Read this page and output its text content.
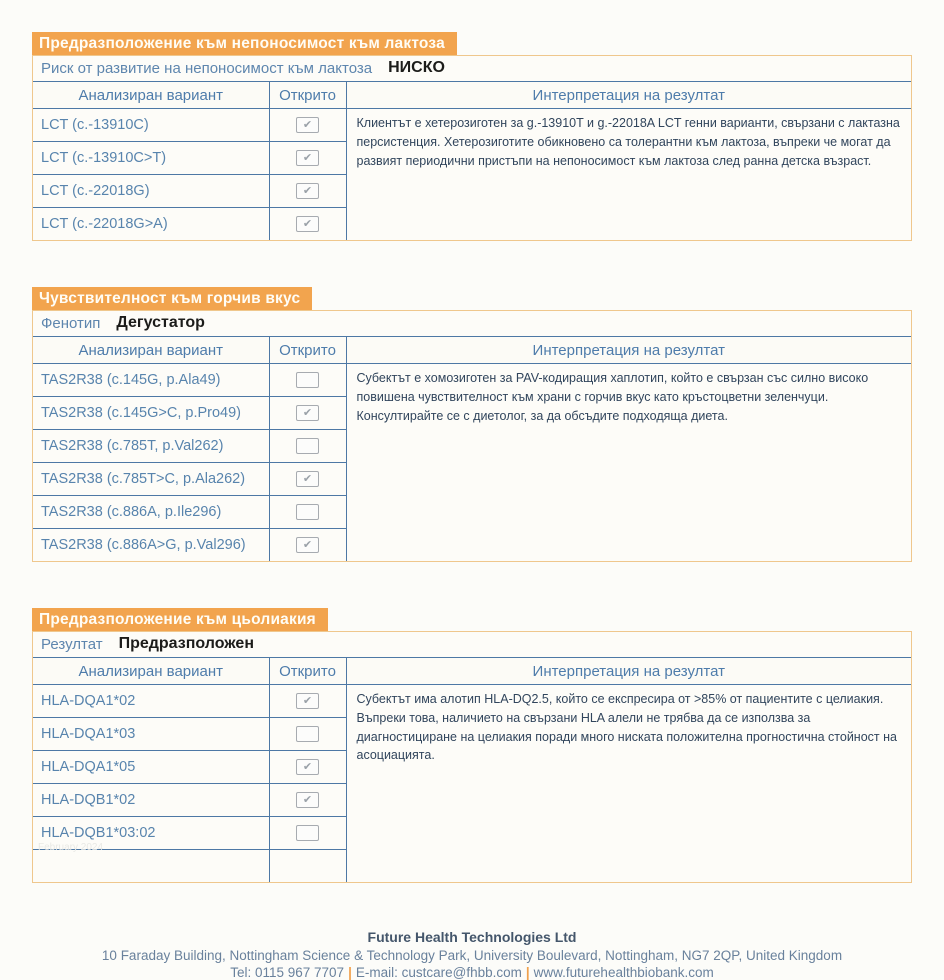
Предразположение към непоносимост към лактоза
Риск от развитие на непоносимост към лактоза НИСКО
Анализиран вариант	Открито	Интерпретация на резултат
LCT (c.-13910C)	✔	Клиентът е хетерозиготен за g.-13910T и g.-22018A LCT генни варианти, свързани с лактазна персистенция. Хетерозиготите обикновено са толерантни към лактоза, въпреки че могат да развият периодични пристъпи на непоносимост към лактоза след ранна детска възраст.
LCT (c.-13910C>T)	✔	
LCT (c.-22018G)	✔	
LCT (c.-22018G>A)	✔	
Чувствителност към горчив вкус
Фенотип Дегустатор
Анализиран вариант	Открито	Интерпретация на резултат
TAS2R38 (c.145G, p.Ala49)		Субектът е хомозиготен за PAV-кодиращия хаплотип, който е свързан със силно високо повишена чувствителност към храни с горчив вкус като кръстоцветни зеленчуци. Консултирайте се с диетолог, за да обсъдите подходяща диета.
TAS2R38 (c.145G>C, p.Pro49)	✔	
TAS2R38 (c.785T, p.Val262)		
TAS2R38 (c.785T>C, p.Ala262)	✔	
TAS2R38 (c.886A, p.Ile296)		
TAS2R38 (c.886A>G, p.Val296)	✔	
Предразположение към цьолиакия
Резултат Предразположен
Анализиран вариант	Открито	Интерпретация на резултат
HLA-DQA1*02	✔	Субектът има алотип HLA-DQ2.5, който се експресира от >85% от пациентите с целиакия. Въпреки това, наличието на свързани HLA алели не трябва да се използва за диагностициране на целиакия поради много ниската положителна прогностична стойност на асоциацията.
HLA-DQA1*03		
HLA-DQA1*05	✔	
HLA-DQB1*02	✔	
HLA-DQB1*03:02		

Future Health Technologies Ltd
10 Faraday Building, Nottingham Science & Technology Park, University Boulevard, Nottingham, NG7 2QP, United Kingdom
Tel: 0115 967 7707 | E-mail: custcare@fhbb.com | www.futurehealthbiobank.com
February 2024
